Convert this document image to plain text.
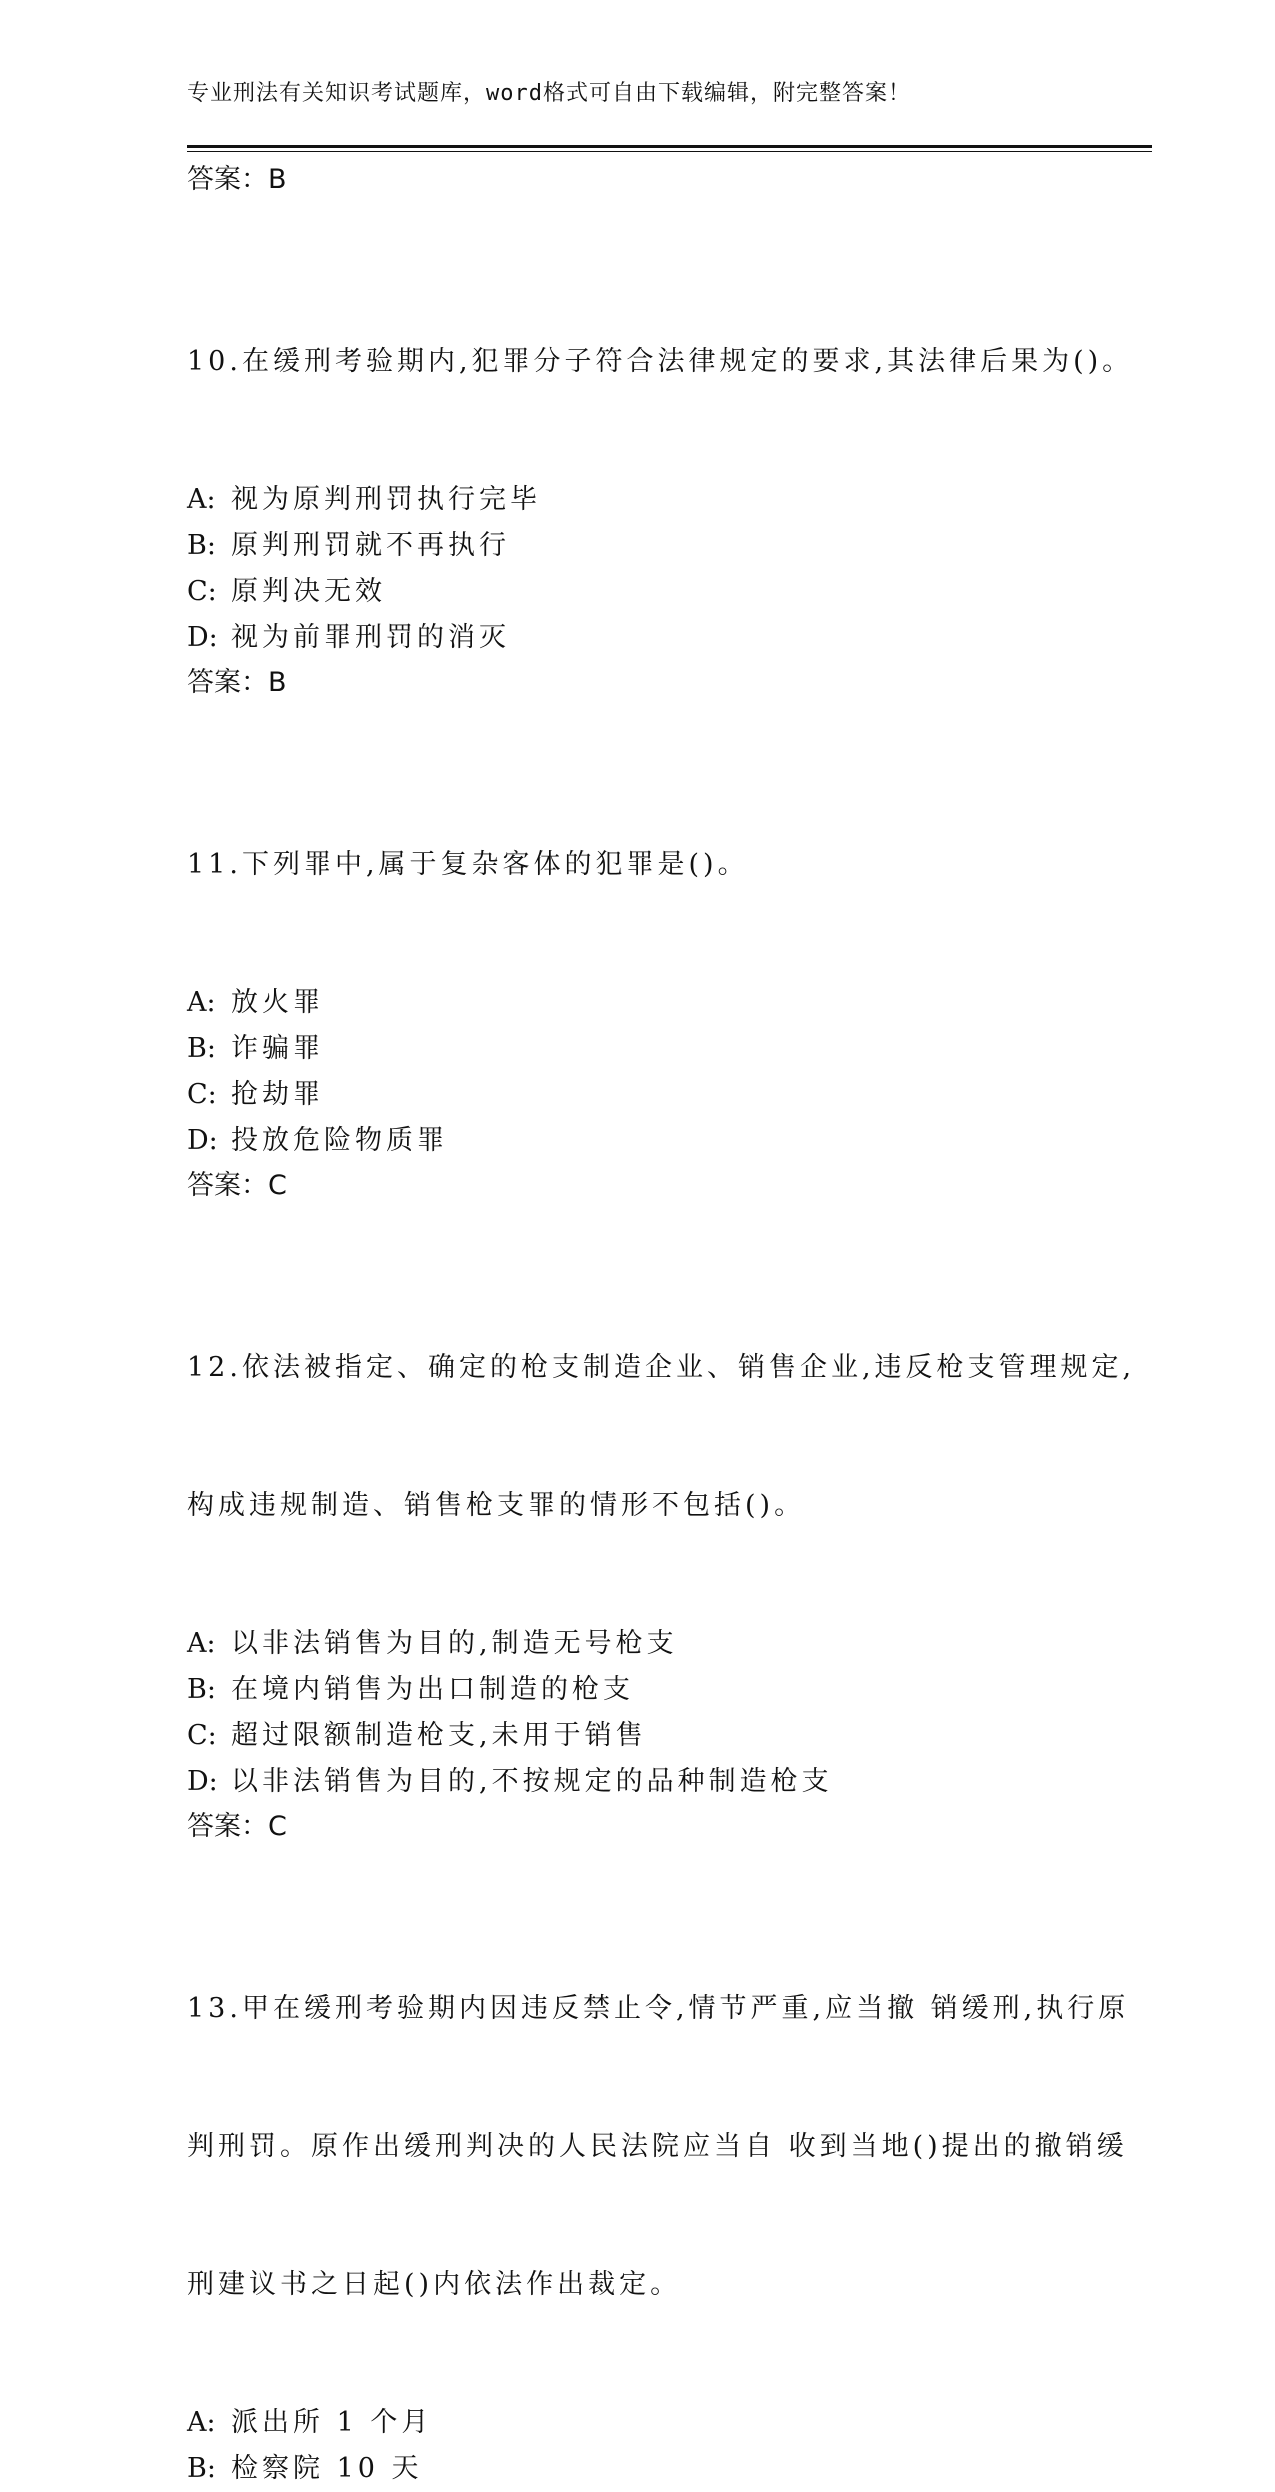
专业刑法有关知识考试题库，word格式可自由下载编辑，附完整答案！
答案：B

10.在缓刑考验期内,犯罪分子符合法律规定的要求,其法律后果为()。

A: 视为原判刑罚执行完毕
B: 原判刑罚就不再执行
C: 原判决无效
D: 视为前罪刑罚的消灭
答案：B

11.下列罪中,属于复杂客体的犯罪是()。

A: 放火罪
B: 诈骗罪
C: 抢劫罪
D: 投放危险物质罪
答案：C

12.依法被指定、确定的枪支制造企业、销售企业,违反枪支管理规定,

构成违规制造、销售枪支罪的情形不包括()。

A: 以非法销售为目的,制造无号枪支
B: 在境内销售为出口制造的枪支
C: 超过限额制造枪支,未用于销售
D: 以非法销售为目的,不按规定的品种制造枪支
答案：C

13.甲在缓刑考验期内因违反禁止令,情节严重,应当撤 销缓刑,执行原

判刑罚。原作出缓刑判决的人民法院应当自 收到当地()提出的撤销缓

刑建议书之日起()内依法作出裁定。

A: 派出所 1 个月
B: 检察院 10 天
